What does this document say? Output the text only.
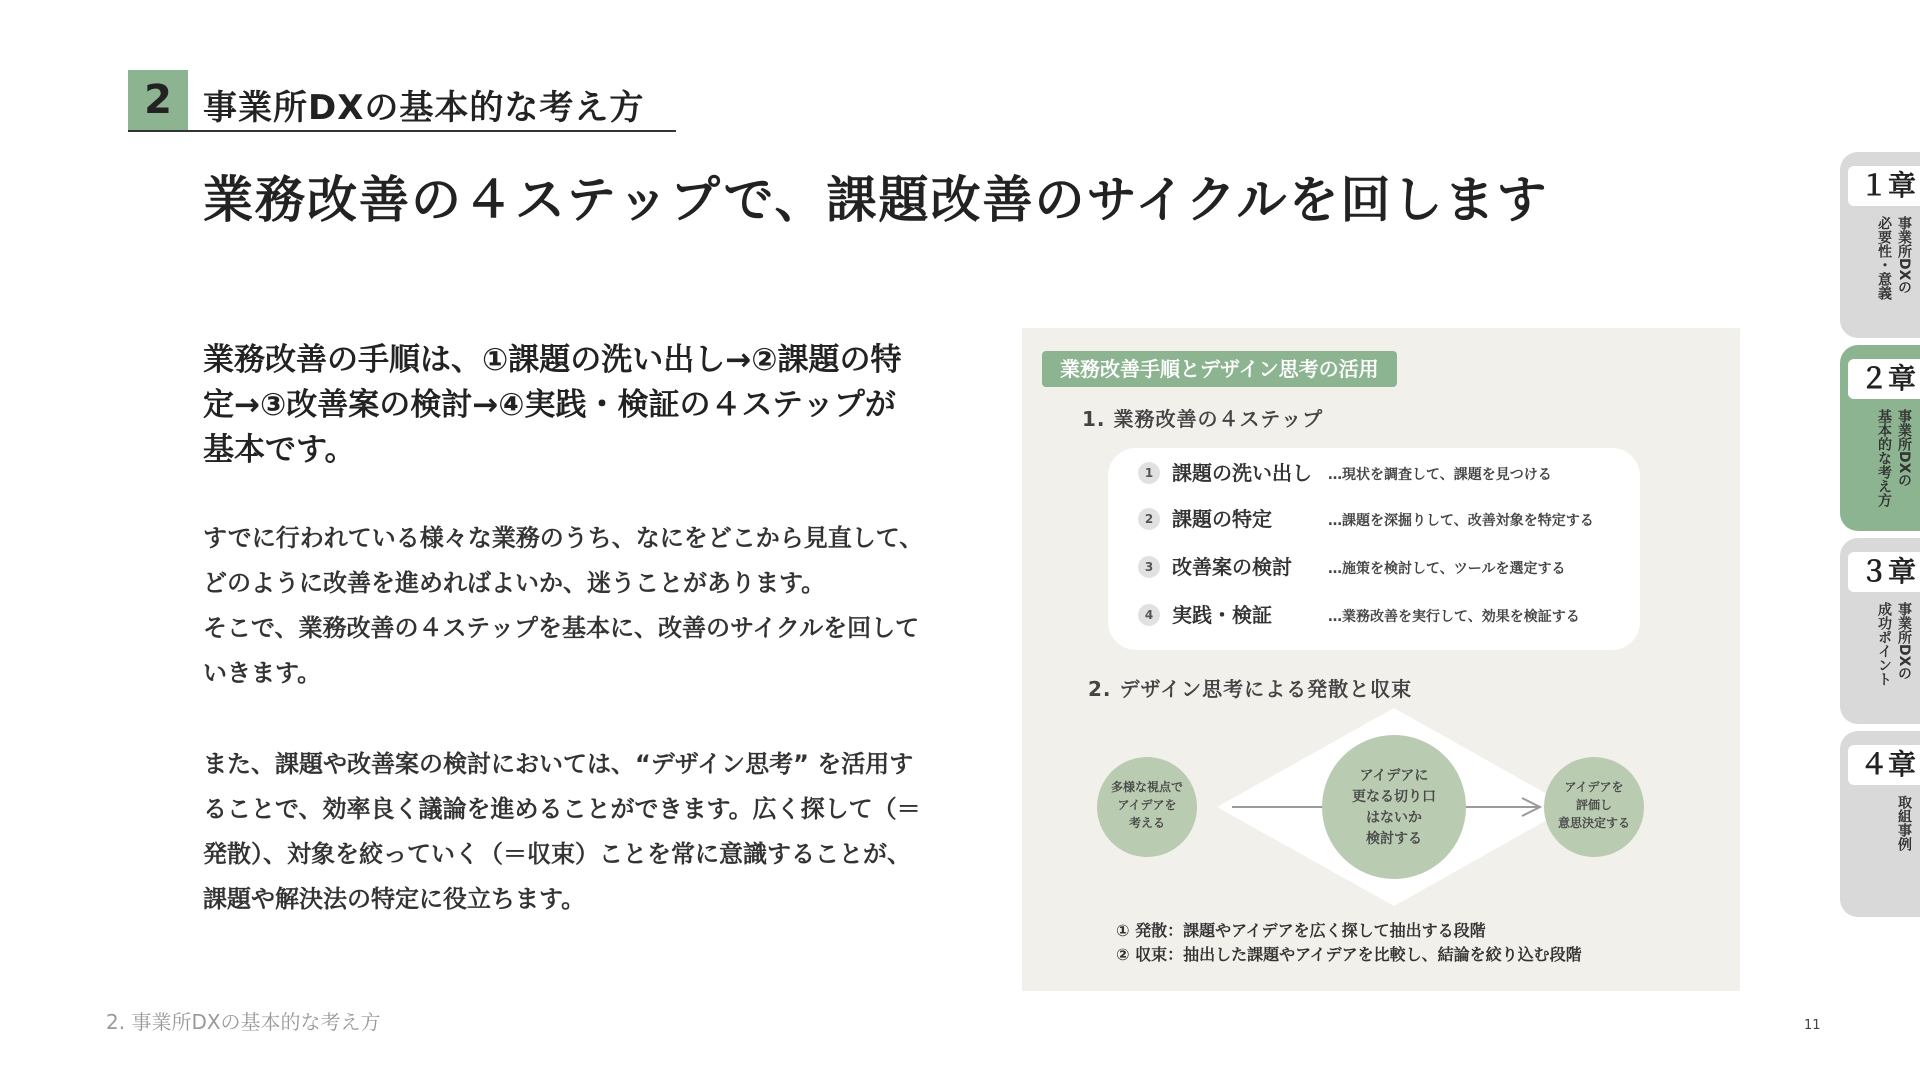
2 事業所DXの基本的な考え方
業務改善の４ステップで、課題改善のサイクルを回します
業務改善の手順は、①課題の洗い出し→②課題の特
定→③改善案の検討→④実践・検証の４ステップが
基本です。
すでに行われている様々な業務のうち、なにをどこから見直して、
どのように改善を進めればよいか、迷うことがあります。
そこで、業務改善の４ステップを基本に、改善のサイクルを回して
いきます。
また、課題や改善案の検討においては、“デザイン思考” を活用す
ることで、効率良く議論を進めることができます。広く探して（＝
発散）、対象を絞っていく（＝収束）ことを常に意識することが、
課題や解決法の特定に役立ちます。
業務改善手順とデザイン思考の活用
1. 業務改善の４ステップ
1 課題の洗い出し …現状を調査して、課題を見つける
2 課題の特定	…課題を深掘りして、改善対象を特定する
3 改善案の検討	…施策を検討して、ツールを選定する
4 実践・検証	…業務改善を実行して、効果を検証する
2. デザイン思考による発散と収束
多様な視点で
アイデアを
考える
アイデアに
更なる切り口
はないか
検討する
アイデアを
評価し
意思決定する
① 発散：課題やアイデアを広く探して抽出する段階
② 収束：抽出した課題やアイデアを比較し、結論を絞り込む段階
１章
事業所DXの
必要性・意義
２章
事業所DXの
基本的な考え方
３章
事業所DXの
成功ポイント
４章
取組事例
2. 事業所DXの基本的な考え方	11
